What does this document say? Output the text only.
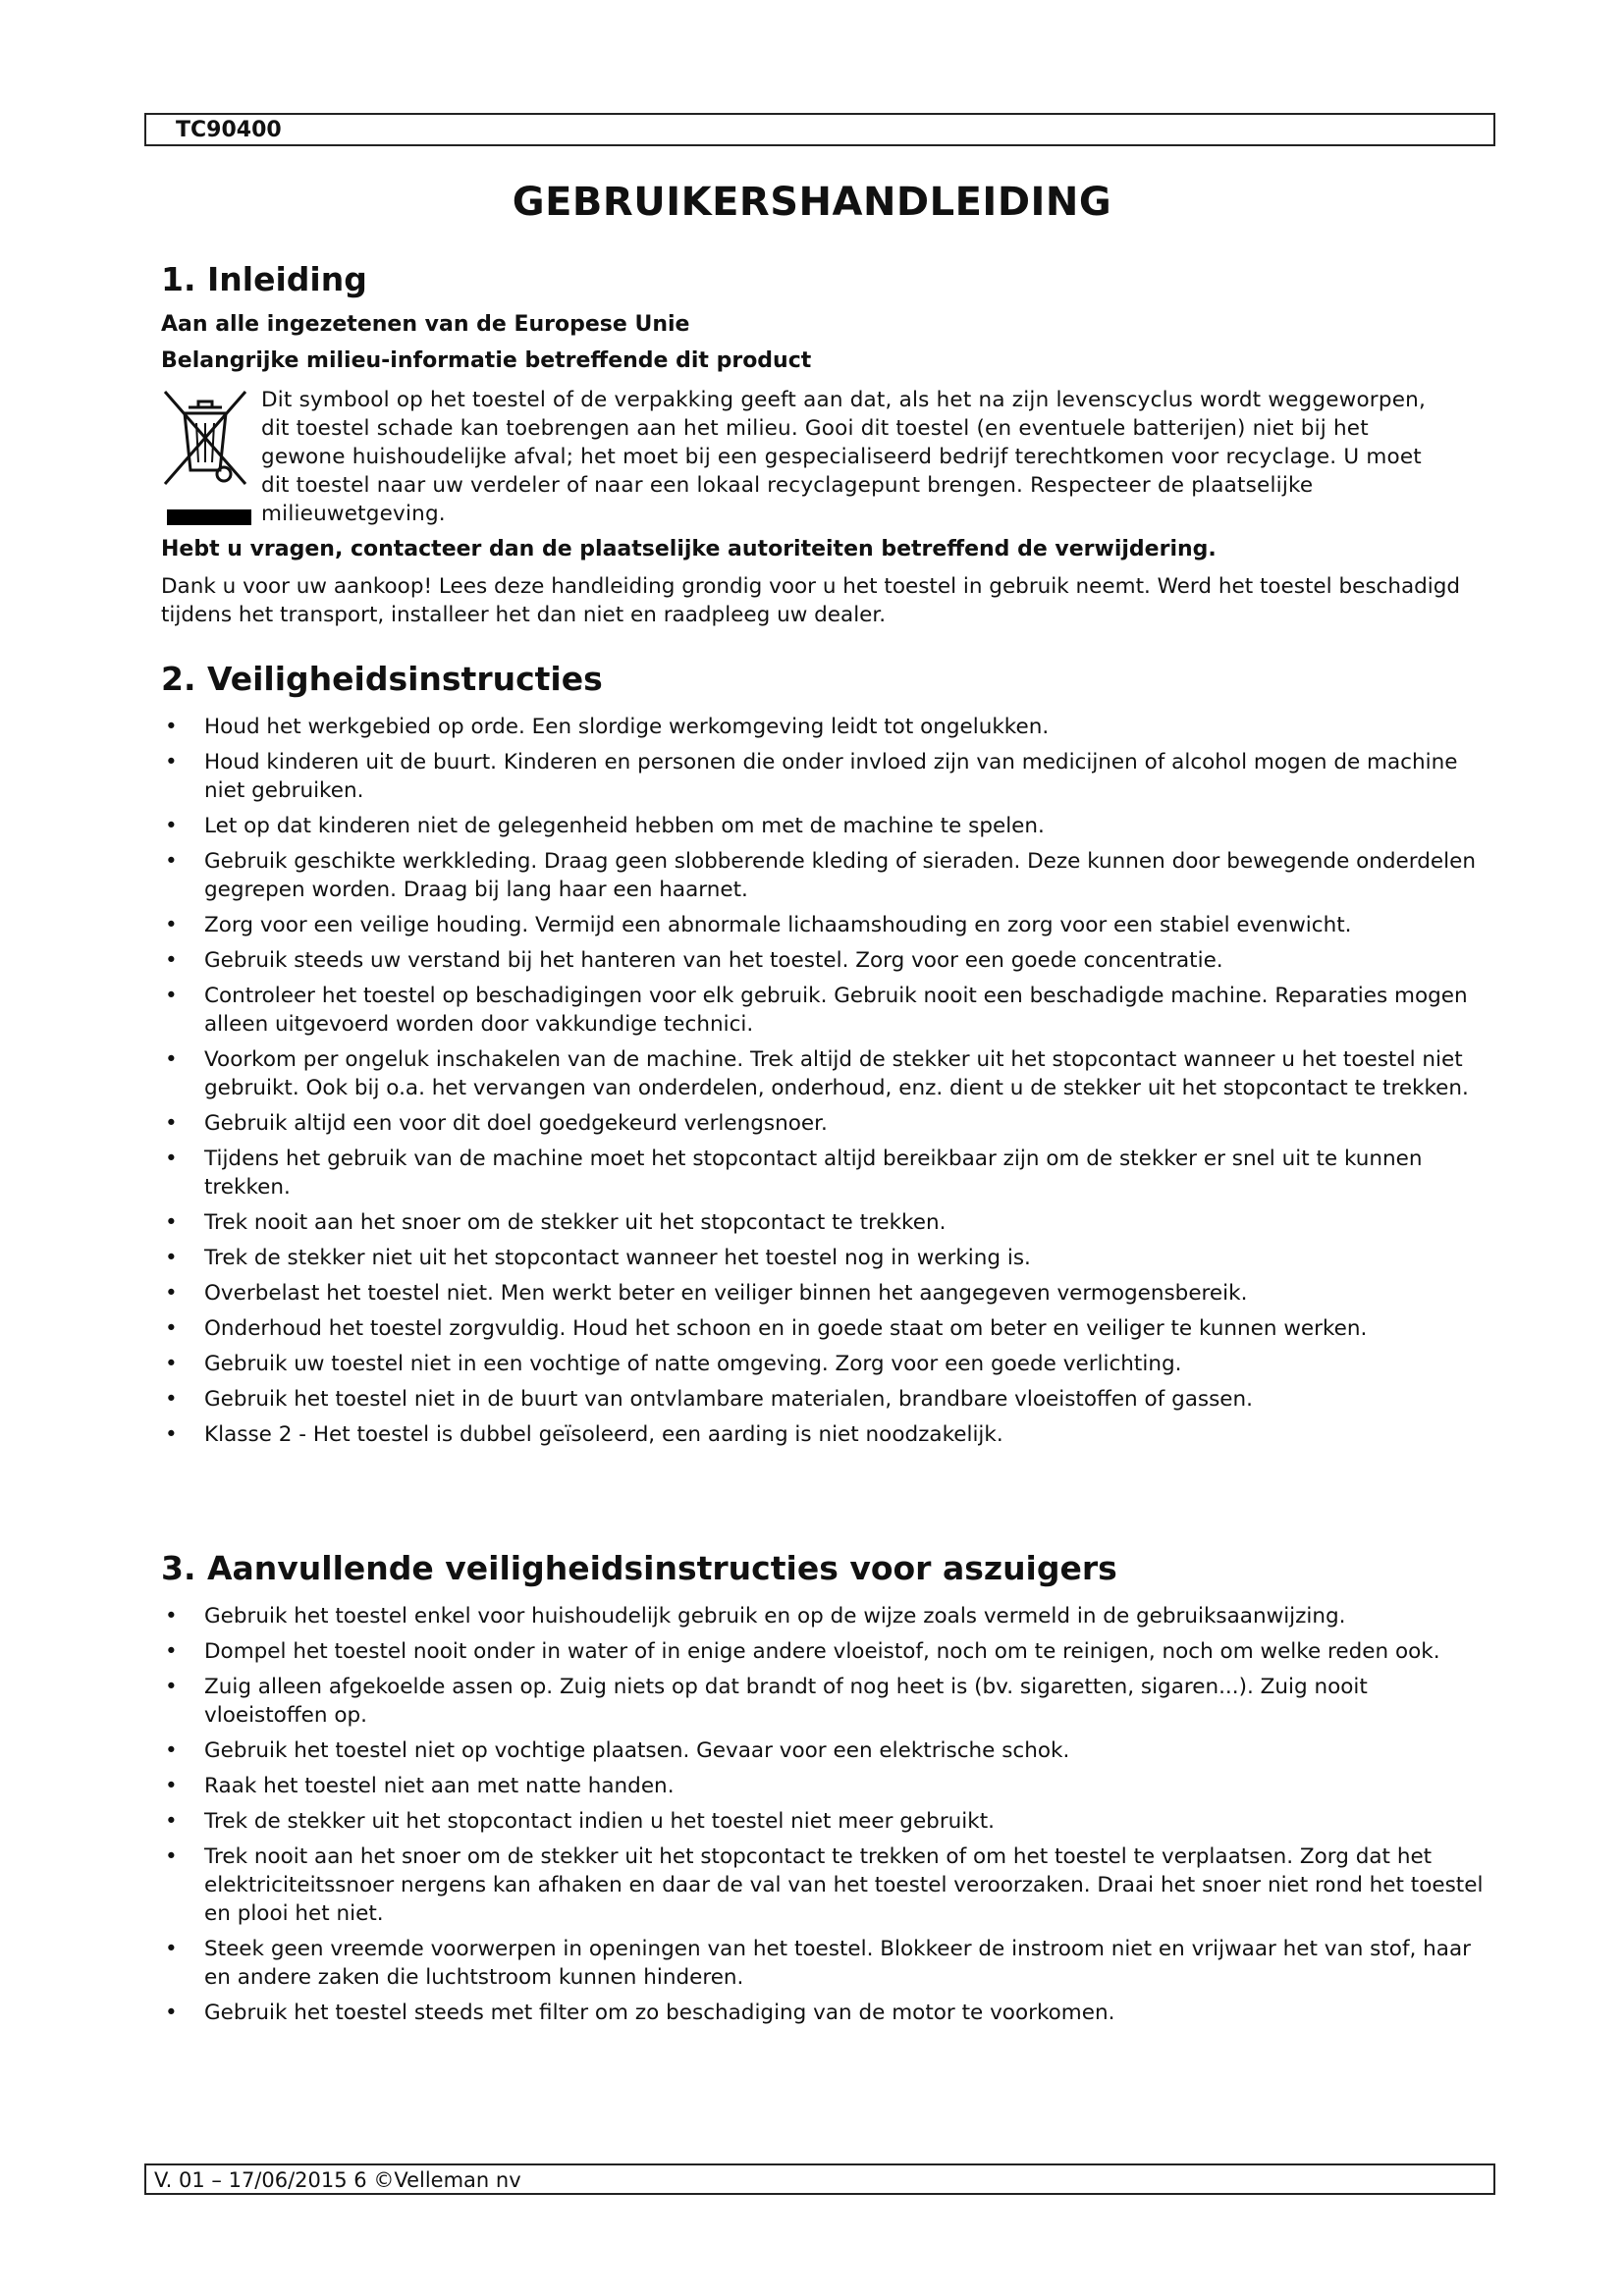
TC90400
GEBRUIKERSHANDLEIDING
1. Inleiding
Aan alle ingezetenen van de Europese Unie
Belangrijke milieu-informatie betreffende dit product

Dit symbool op het toestel of de verpakking geeft aan dat, als het na zijn levenscyclus wordt weggeworpen, dit toestel schade kan toebrengen aan het milieu. Gooi dit toestel (en eventuele batterijen) niet bij het gewone huishoudelijke afval; het moet bij een gespecialiseerd bedrijf terechtkomen voor recyclage. U moet dit toestel naar uw verdeler of naar een lokaal recyclagepunt brengen. Respecteer de plaatselijke milieuwetgeving.

Hebt u vragen, contacteer dan de plaatselijke autoriteiten betreffend de verwijdering.

Dank u voor uw aankoop! Lees deze handleiding grondig voor u het toestel in gebruik neemt. Werd het toestel beschadigd tijdens het transport, installeer het dan niet en raadpleeg uw dealer.

2. Veiligheidsinstructies
• Houd het werkgebied op orde. Een slordige werkomgeving leidt tot ongelukken.
• Houd kinderen uit de buurt. Kinderen en personen die onder invloed zijn van medicijnen of alcohol mogen de machine niet gebruiken.
• Let op dat kinderen niet de gelegenheid hebben om met de machine te spelen.
• Gebruik geschikte werkkleding. Draag geen slobberende kleding of sieraden. Deze kunnen door bewegende onderdelen gegrepen worden. Draag bij lang haar een haarnet.
• Zorg voor een veilige houding. Vermijd een abnormale lichaamshouding en zorg voor een stabiel evenwicht.
• Gebruik steeds uw verstand bij het hanteren van het toestel. Zorg voor een goede concentratie.
• Controleer het toestel op beschadigingen voor elk gebruik. Gebruik nooit een beschadigde machine. Reparaties mogen alleen uitgevoerd worden door vakkundige technici.
• Voorkom per ongeluk inschakelen van de machine. Trek altijd de stekker uit het stopcontact wanneer u het toestel niet gebruikt. Ook bij o.a. het vervangen van onderdelen, onderhoud, enz. dient u de stekker uit het stopcontact te trekken.
• Gebruik altijd een voor dit doel goedgekeurd verlengsnoer.
• Tijdens het gebruik van de machine moet het stopcontact altijd bereikbaar zijn om de stekker er snel uit te kunnen trekken.
• Trek nooit aan het snoer om de stekker uit het stopcontact te trekken.
• Trek de stekker niet uit het stopcontact wanneer het toestel nog in werking is.
• Overbelast het toestel niet. Men werkt beter en veiliger binnen het aangegeven vermogensbereik.
• Onderhoud het toestel zorgvuldig. Houd het schoon en in goede staat om beter en veiliger te kunnen werken.
• Gebruik uw toestel niet in een vochtige of natte omgeving. Zorg voor een goede verlichting.
• Gebruik het toestel niet in de buurt van ontvlambare materialen, brandbare vloeistoffen of gassen.
• Klasse 2 - Het toestel is dubbel geïsoleerd, een aarding is niet noodzakelijk.
3. Aanvullende veiligheidsinstructies voor aszuigers
• Gebruik het toestel enkel voor huishoudelijk gebruik en op de wijze zoals vermeld in de gebruiksaanwijzing.
• Dompel het toestel nooit onder in water of in enige andere vloeistof, noch om te reinigen, noch om welke reden ook.
• Zuig alleen afgekoelde assen op. Zuig niets op dat brandt of nog heet is (bv. sigaretten, sigaren...). Zuig nooit vloeistoffen op.
• Gebruik het toestel niet op vochtige plaatsen. Gevaar voor een elektrische schok.
• Raak het toestel niet aan met natte handen.
• Trek de stekker uit het stopcontact indien u het toestel niet meer gebruikt.
• Trek nooit aan het snoer om de stekker uit het stopcontact te trekken of om het toestel te verplaatsen. Zorg dat het elektriciteitssnoer nergens kan afhaken en daar de val van het toestel veroorzaken. Draai het snoer niet rond het toestel en plooi het niet.
• Steek geen vreemde voorwerpen in openingen van het toestel. Blokkeer de instroom niet en vrijwaar het van stof, haar en andere zaken die luchtstroom kunnen hinderen.
• Gebruik het toestel steeds met filter om zo beschadiging van de motor te voorkomen.
V. 01 – 17/06/2015 6 ©Velleman nv
